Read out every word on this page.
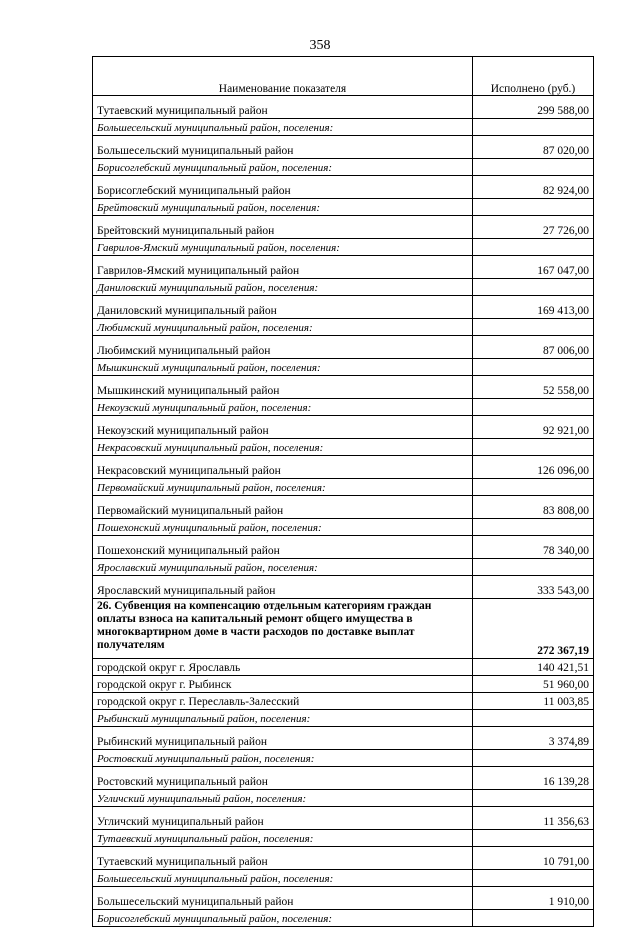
358
Наименование показателя	Исполнено (руб.)
Тутаевский муниципальный район	299 588,00
Большесельский муниципальный район, поселения:	
Большесельский муниципальный район	87 020,00
Борисоглебский муниципальный район, поселения:	
Борисоглебский муниципальный район	82 924,00
Брейтовский муниципальный район, поселения:	
Брейтовский муниципальный район	27 726,00
Гаврилов-Ямский муниципальный район, поселения:	
Гаврилов-Ямский муниципальный район	167 047,00
Даниловский муниципальный район, поселения:	
Даниловский муниципальный район	169 413,00
Любимский муниципальный район, поселения:	
Любимский муниципальный район	87 006,00
Мышкинский муниципальный район, поселения:	
Мышкинский муниципальный район	52 558,00
Некоузский муниципальный район, поселения:	
Некоузский муниципальный район	92 921,00
Некрасовский муниципальный район, поселения:	
Некрасовский муниципальный район	126 096,00
Первомайский муниципальный район, поселения:	
Первомайский муниципальный район	83 808,00
Пошехонский муниципальный район, поселения:	
Пошехонский муниципальный район	78 340,00
Ярославский муниципальный район, поселения:	
Ярославский муниципальный район	333 543,00
26. Субвенция на компенсацию отдельным категориям граждан оплаты взноса на капитальный ремонт общего имущества в многоквартирном доме в части расходов по доставке выплат получателям	272 367,19
городской округ г. Ярославль	140 421,51
городской округ г. Рыбинск	51 960,00
городской округ г. Переславль-Залесский	11 003,85
Рыбинский муниципальный район, поселения:	
Рыбинский муниципальный район	3 374,89
Ростовский муниципальный район, поселения:	
Ростовский муниципальный район	16 139,28
Угличский муниципальный район, поселения:	
Угличский муниципальный район	11 356,63
Тутаевский муниципальный район, поселения:	
Тутаевский муниципальный район	10 791,00
Большесельский муниципальный район, поселения:	
Большесельский муниципальный район	1 910,00
Борисоглебский муниципальный район, поселения:	
